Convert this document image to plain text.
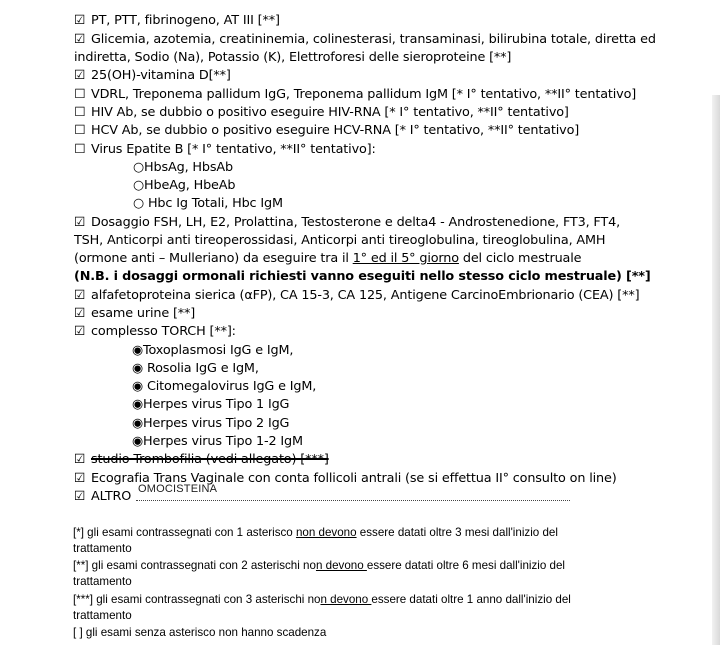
☑ PT, PTT, fibrinogeno, AT III [**]
☑ Glicemia, azotemia, creatininemia, colinesterasi, transaminasi, bilirubina totale, diretta ed
indiretta, Sodio (Na), Potassio (K), Elettroforesi delle sieroproteine [**]
☑ 25(OH)-vitamina D[**]
☐ VDRL, Treponema pallidum IgG, Treponema pallidum IgM [* I° tentativo, **II° tentativo]
☐ HIV Ab, se dubbio o positivo eseguire HIV-RNA [* I° tentativo, **II° tentativo]
☐ HCV Ab, se dubbio o positivo eseguire HCV-RNA [* I° tentativo, **II° tentativo]
☐ Virus Epatite B [* I° tentativo, **II° tentativo]:
○HbsAg, HbsAb
○HbeAg, HbeAb
○ Hbc Ig Totali, Hbc IgM
☑ Dosaggio FSH, LH, E2, Prolattina, Testosterone e delta4 - Androstenedione, FT3, FT4,
TSH, Anticorpi anti tireoperossidasi, Anticorpi anti tireoglobulina, tireoglobulina, AMH
(ormone anti – Mulleriano) da eseguire tra il 1° ed il 5° giorno del ciclo mestruale
(N.B. i dosaggi ormonali richiesti vanno eseguiti nello stesso ciclo mestruale) [**]
☑ alfafetoproteina sierica (αFP), CA 15-3, CA 125, Antigene CarcinoEmbrionario (CEA) [**]
☑ esame urine [**]
☑ complesso TORCH [**]:
◉Toxoplasmosi IgG e IgM,
◉ Rosolia IgG e IgM,
◉ Citomegalovirus IgG e IgM,
◉Herpes virus Tipo 1 IgG
◉Herpes virus Tipo 2 IgG
◉Herpes virus Tipo 1-2 IgM
☑ studio Trombofilia (vedi allegato) [***]
☑ Ecografia Trans Vaginale con conta follicoli antrali (se si effettua II° consulto on line)
☑ ALTRO OMOCISTEINA
[*] gli esami contrassegnati con 1 asterisco non devono essere datati oltre 3 mesi dall'inizio del
trattamento
[**] gli esami contrassegnati con 2 asterischi non devono essere datati oltre 6 mesi dall'inizio del
trattamento
[***] gli esami contrassegnati con 3 asterischi non devono essere datati oltre 1 anno dall'inizio del
trattamento
[ ] gli esami senza asterisco non hanno scadenza
